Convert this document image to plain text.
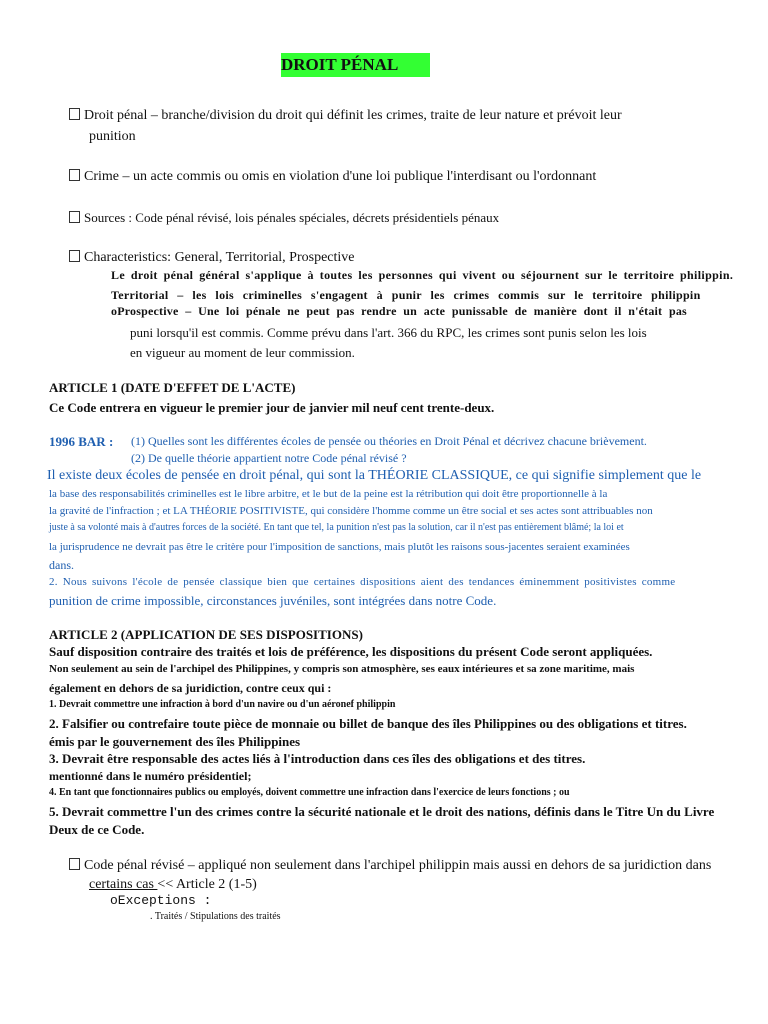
DROIT PÉNAL
Droit pénal – branche/division du droit qui définit les crimes, traite de leur nature et prévoit leur
punition
Crime – un acte commis ou omis en violation d'une loi publique l'interdisant ou l'ordonnant
Sources : Code pénal révisé, lois pénales spéciales, décrets présidentiels pénaux
Characteristics: General, Territorial, Prospective
Le droit pénal général s'applique à toutes les personnes qui vivent ou séjournent sur le territoire philippin.
Territorial – les lois criminelles s'engagent à punir les crimes commis sur le territoire philippin
oProspective – Une loi pénale ne peut pas rendre un acte punissable de manière dont il n'était pas
puni lorsqu'il est commis. Comme prévu dans l'art. 366 du RPC, les crimes sont punis selon les lois
en vigueur au moment de leur commission.
ARTICLE 1 (DATE D'EFFET DE L'ACTE)
Ce Code entrera en vigueur le premier jour de janvier mil neuf cent trente-deux.
1996 BAR : (1) Quelles sont les différentes écoles de pensée ou théories en Droit Pénal et décrivez chacune brièvement.
(2) De quelle théorie appartient notre Code pénal révisé ?
Il existe deux écoles de pensée en droit pénal, qui sont la THÉORIE CLASSIQUE, ce qui signifie simplement que le
la base des responsabilités criminelles est le libre arbitre, et le but de la peine est la rétribution qui doit être proportionnelle à la
la gravité de l'infraction ; et LA THÉORIE POSITIVISTE, qui considère l'homme comme un être social et ses actes sont attribuables non
juste à sa volonté mais à d'autres forces de la société. En tant que tel, la punition n'est pas la solution, car il n'est pas entièrement blâmé; la loi et
la jurisprudence ne devrait pas être le critère pour l'imposition de sanctions, mais plutôt les raisons sous-jacentes seraient examinées
dans.
2. Nous suivons l'école de pensée classique bien que certaines dispositions aient des tendances éminemment positivistes comme
punition de crime impossible, circonstances juvéniles, sont intégrées dans notre Code.
ARTICLE 2 (APPLICATION DE SES DISPOSITIONS)
Sauf disposition contraire des traités et lois de préférence, les dispositions du présent Code seront appliquées.
Non seulement au sein de l'archipel des Philippines, y compris son atmosphère, ses eaux intérieures et sa zone maritime, mais
également en dehors de sa juridiction, contre ceux qui :
1. Devrait commettre une infraction à bord d'un navire ou d'un aéronef philippin
2. Falsifier ou contrefaire toute pièce de monnaie ou billet de banque des îles Philippines ou des obligations et titres.
émis par le gouvernement des îles Philippines
3. Devrait être responsable des actes liés à l'introduction dans ces îles des obligations et des titres.
mentionné dans le numéro présidentiel;
4. En tant que fonctionnaires publics ou employés, doivent commettre une infraction dans l'exercice de leurs fonctions ; ou
5. Devrait commettre l'un des crimes contre la sécurité nationale et le droit des nations, définis dans le Titre Un du Livre
Deux de ce Code.
Code pénal révisé – appliqué non seulement dans l'archipel philippin mais aussi en dehors de sa juridiction dans
certains cas << Article 2 (1-5)
oExceptions :
. Traités / Stipulations des traités
